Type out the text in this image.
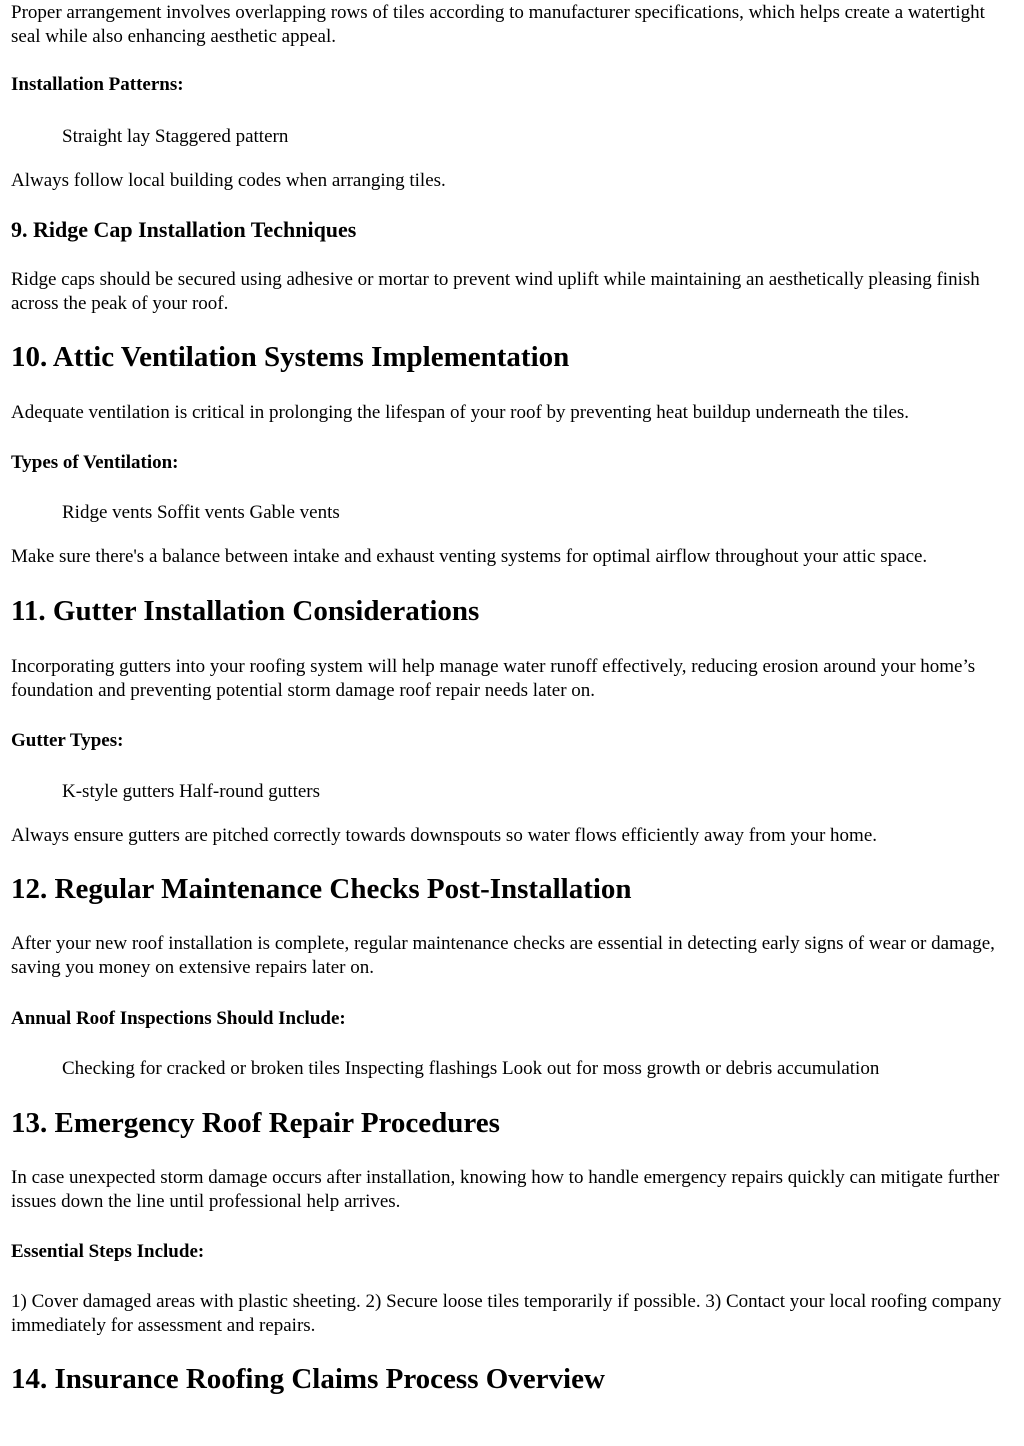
Proper arrangement involves overlapping rows of tiles according to manufacturer specifications, which helps create a watertight seal while also enhancing aesthetic appeal.

Installation Patterns:

Straight lay Staggered pattern

Always follow local building codes when arranging tiles.

9. Ridge Cap Installation Techniques

Ridge caps should be secured using adhesive or mortar to prevent wind uplift while maintaining an aesthetically pleasing finish across the peak of your roof.

10. Attic Ventilation Systems Implementation

Adequate ventilation is critical in prolonging the lifespan of your roof by preventing heat buildup underneath the tiles.

Types of Ventilation:

Ridge vents Soffit vents Gable vents

Make sure there's a balance between intake and exhaust venting systems for optimal airflow throughout your attic space.

11. Gutter Installation Considerations

Incorporating gutters into your roofing system will help manage water runoff effectively, reducing erosion around your home’s foundation and preventing potential storm damage roof repair needs later on.

Gutter Types:

K-style gutters Half-round gutters

Always ensure gutters are pitched correctly towards downspouts so water flows efficiently away from your home.

12. Regular Maintenance Checks Post-Installation

After your new roof installation is complete, regular maintenance checks are essential in detecting early signs of wear or damage, saving you money on extensive repairs later on.

Annual Roof Inspections Should Include:

Checking for cracked or broken tiles Inspecting flashings Look out for moss growth or debris accumulation

13. Emergency Roof Repair Procedures

In case unexpected storm damage occurs after installation, knowing how to handle emergency repairs quickly can mitigate further issues down the line until professional help arrives.

Essential Steps Include:

1) Cover damaged areas with plastic sheeting. 2) Secure loose tiles temporarily if possible. 3) Contact your local roofing company immediately for assessment and repairs.

14. Insurance Roofing Claims Process Overview
